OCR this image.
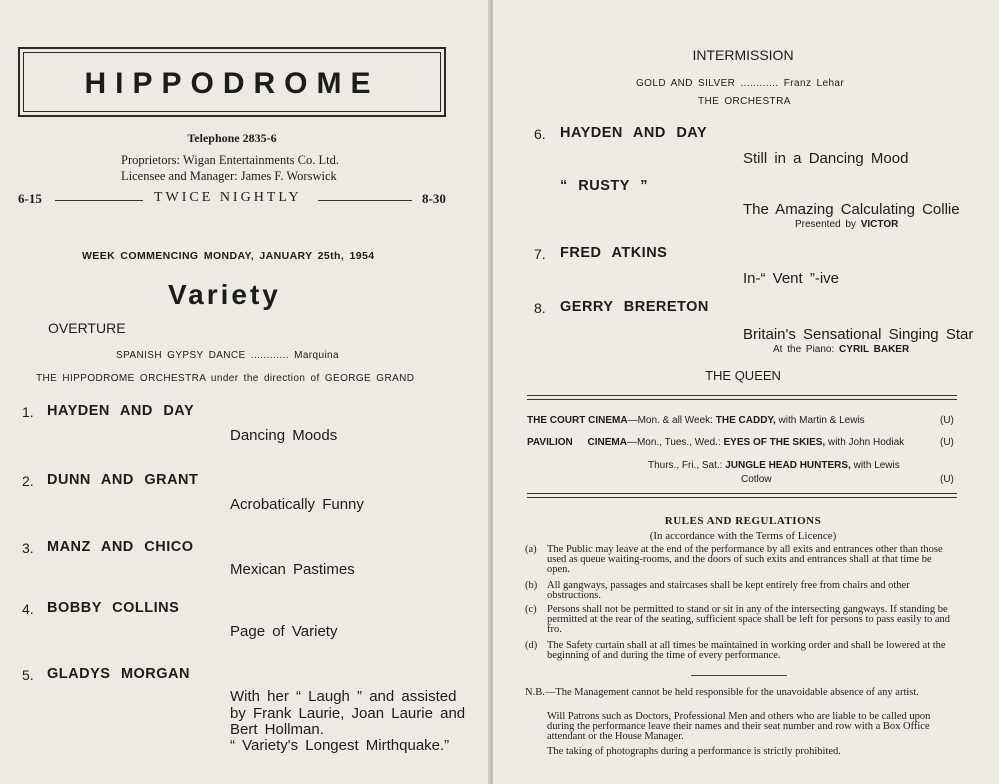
HIPPODROME
Telephone 2835-6
Proprietors: Wigan Entertainments Co. Ltd.
Licensee and Manager: James F. Worswick
6-15	TWICE NIGHTLY	8-30
WEEK COMMENCING MONDAY, JANUARY 25th, 1954
Variety
OVERTURE
SPANISH GYPSY DANCE ............ Marquina
THE HIPPODROME ORCHESTRA under the direction of GEORGE GRAND
1. HAYDEN AND DAY
Dancing Moods
2. DUNN AND GRANT
Acrobatically Funny
3. MANZ AND CHICO
Mexican Pastimes
4. BOBBY COLLINS
Page of Variety
5. GLADYS MORGAN
With her “ Laugh ” and assisted
by Frank Laurie, Joan Laurie and
Bert Hollman.
“ Variety's Longest Mirthquake.”
INTERMISSION
GOLD AND SILVER ............ Franz Lehar
THE ORCHESTRA
6. HAYDEN AND DAY
Still in a Dancing Mood
“ RUSTY ”
The Amazing Calculating Collie
Presented by VICTOR
7. FRED ATKINS
In-“ Vent ”-ive
8. GERRY BRERETON
Britain's Sensational Singing Star
At the Piano: CYRIL BAKER
THE QUEEN
THE COURT CINEMA—Mon. & all Week: THE CADDY, with Martin & Lewis	(U)
PAVILION CINEMA—Mon., Tues., Wed.: EYES OF THE SKIES, with John Hodiak	(U)
Thurs., Fri., Sat.: JUNGLE HEAD HUNTERS, with Lewis
Cotlow	(U)
RULES AND REGULATIONS
(In accordance with the Terms of Licence)
(a) The Public may leave at the end of the performance by all exits and entrances other than those used as queue waiting-rooms, and the doors of such exits and entrances shall at that time be open.
(b) All gangways, passages and staircases shall be kept entirely free from chairs and other obstructions.
(c) Persons shall not be permitted to stand or sit in any of the intersecting gangways. If standing be permitted at the rear of the seating, sufficient space shall be left for persons to pass easily to and fro.
(d) The Safety curtain shall at all times be maintained in working order and shall be lowered at the beginning of and during the time of every performance.
N.B.—The Management cannot be held responsible for the unavoidable absence of any artist.
Will Patrons such as Doctors, Professional Men and others who are liable to be called upon during the performance leave their names and their seat number and row with a Box Office attendant or the House Manager.
The taking of photographs during a performance is strictly prohibited.
